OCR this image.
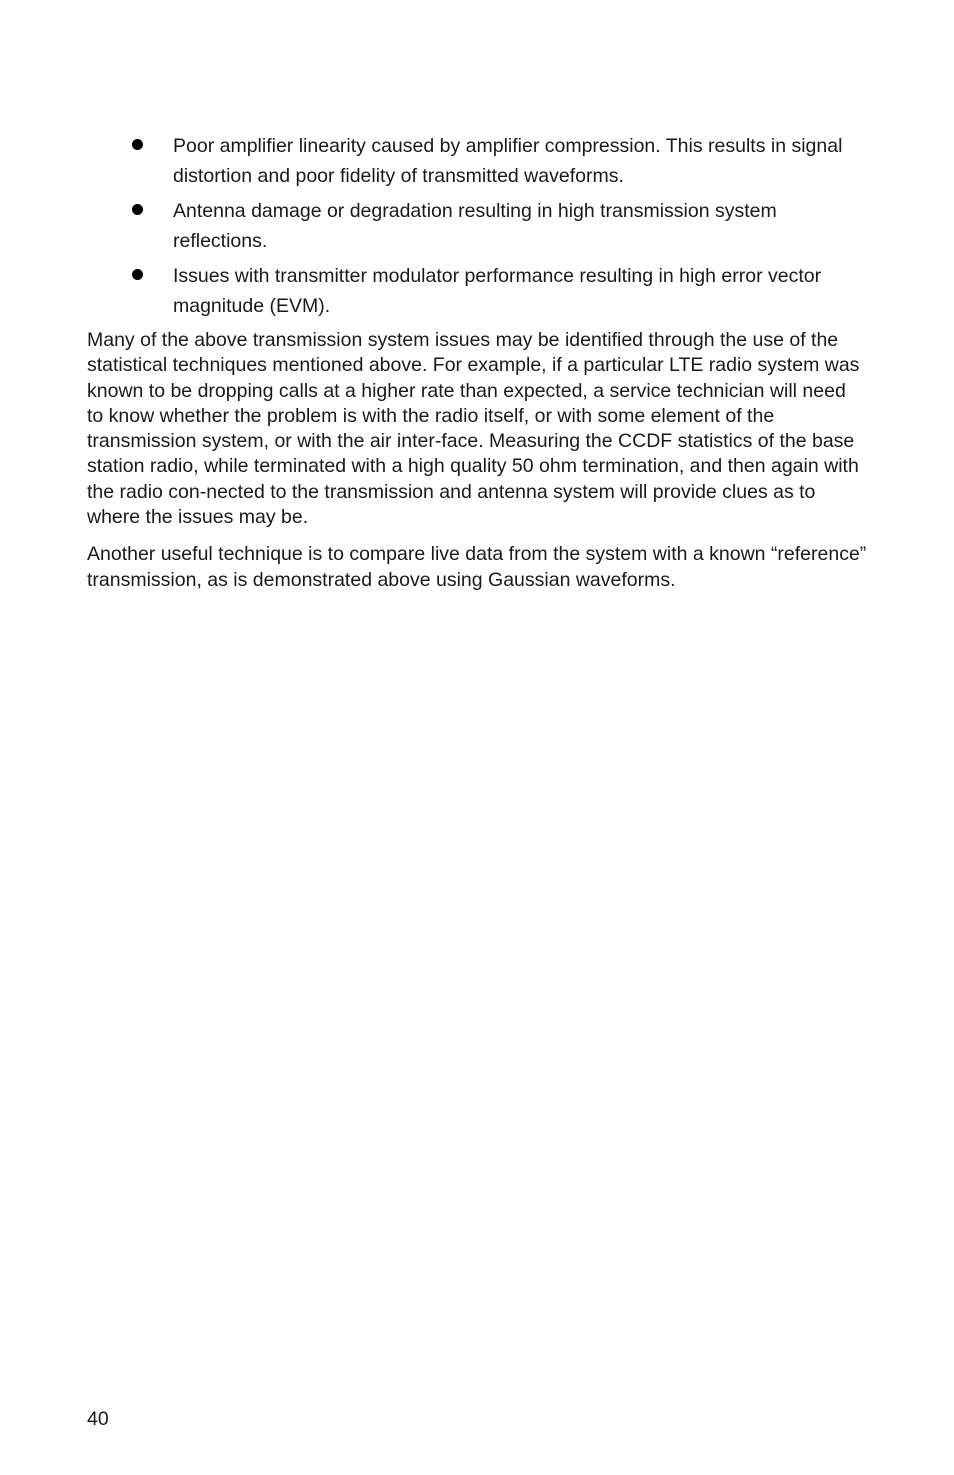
Poor amplifier linearity caused by amplifier compression. This results in signal distortion and poor fidelity of transmitted waveforms.
Antenna damage or degradation resulting in high transmission system reflections.
Issues with transmitter modulator performance resulting in high error vector magnitude (EVM).

Many of the above transmission system issues may be identified through the use of the statistical techniques mentioned above. For example, if a particular LTE radio system was known to be dropping calls at a higher rate than expected, a service technician will need to know whether the problem is with the radio itself, or with some element of the transmission system, or with the air inter-face. Measuring the CCDF statistics of the base station radio, while terminated with a high quality 50 ohm termination, and then again with the radio con-nected to the transmission and antenna system will provide clues as to where the issues may be.

Another useful technique is to compare live data from the system with a known “reference” transmission, as is demonstrated above using Gaussian waveforms.

40
